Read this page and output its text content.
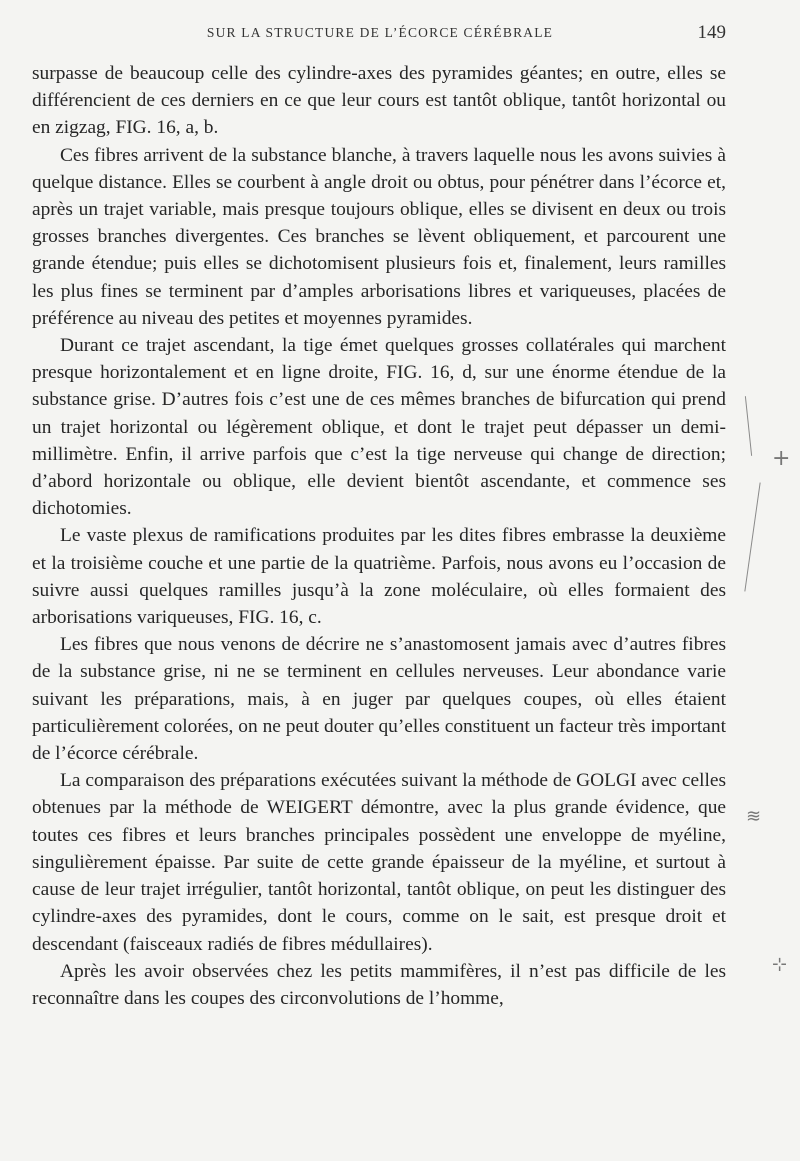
SUR LA STRUCTURE DE L’ÉCORCE CÉRÉBRALE	149

surpasse de beaucoup celle des cylindre-axes des pyramides géantes; en outre, elles se différencient de ces derniers en ce que leur cours est tantôt oblique, tantôt horizontal ou en zigzag, FIG. 16, a, b.

Ces fibres arrivent de la substance blanche, à travers laquelle nous les avons suivies à quelque distance. Elles se courbent à angle droit ou obtus, pour pénétrer dans l’écorce et, après un trajet variable, mais presque toujours oblique, elles se divisent en deux ou trois grosses branches divergentes. Ces branches se lèvent obliquement, et parcourent une grande étendue; puis elles se dichotomisent plusieurs fois et, finalement, leurs ramilles les plus fines se terminent par d’amples arborisations libres et variqueuses, placées de préférence au niveau des petites et moyennes pyramides.

Durant ce trajet ascendant, la tige émet quelques grosses collatérales qui marchent presque horizontalement et en ligne droite, FIG. 16, d, sur une énorme étendue de la substance grise. D’autres fois c’est une de ces mêmes branches de bifurcation qui prend un trajet horizontal ou légèrement oblique, et dont le trajet peut dépasser un demi-millimètre. Enfin, il arrive parfois que c’est la tige nerveuse qui change de direction; d’abord horizontale ou oblique, elle devient bientôt ascendante, et commence ses dichotomies.

Le vaste plexus de ramifications produites par les dites fibres embrasse la deuxième et la troisième couche et une partie de la quatrième. Parfois, nous avons eu l’occasion de suivre aussi quelques ramilles jusqu’à la zone moléculaire, où elles formaient des arborisations variqueuses, FIG. 16, c.

Les fibres que nous venons de décrire ne s’anastomosent jamais avec d’autres fibres de la substance grise, ni ne se terminent en cellules nerveuses. Leur abondance varie suivant les préparations, mais, à en juger par quelques coupes, où elles étaient particulièrement colorées, on ne peut douter qu’elles constituent un facteur très important de l’écorce cérébrale.

La comparaison des préparations exécutées suivant la méthode de GOLGI avec celles obtenues par la méthode de WEIGERT démontre, avec la plus grande évidence, que toutes ces fibres et leurs branches principales possèdent une enveloppe de myéline, singulièrement épaisse. Par suite de cette grande épaisseur de la myéline, et surtout à cause de leur trajet irrégulier, tantôt horizontal, tantôt oblique, on peut les distinguer des cylindre-axes des pyramides, dont le cours, comme on le sait, est presque droit et descendant (faisceaux radiés de fibres médullaires).

Après les avoir observées chez les petits mammifères, il n’est pas difficile de les reconnaître dans les coupes des circonvolutions de l’homme,

+
≋
⊹
